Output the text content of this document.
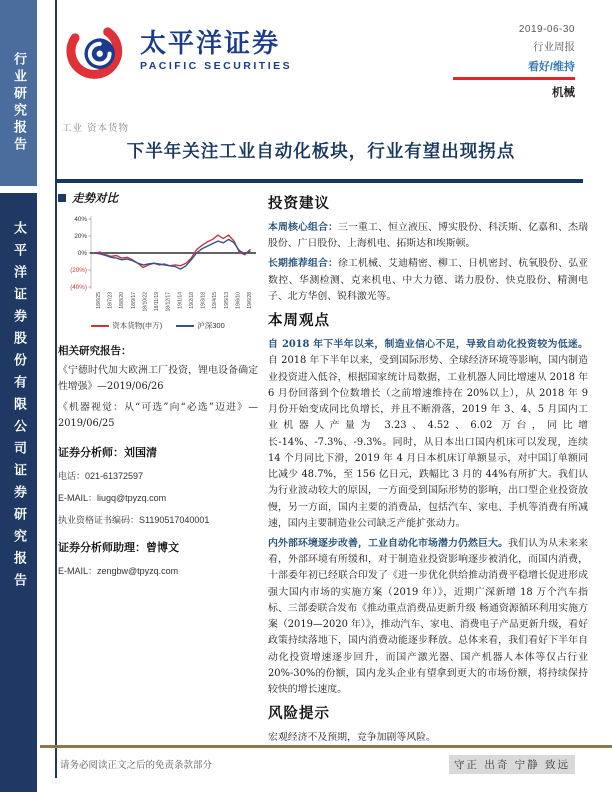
行业研究报告
太平洋证券股份有限公司证券研究报告
太平洋证券
PACIFIC SECURITIES
2019-06-30
行业周报
看好/维持
机械
工业 资本货物
下半年关注工业自动化板块，行业有望出现拐点
走势对比
40%
20%
0%
(20%)
(40%)
18/6/25 18/7/23 18/8/20 18/9/17 18/10/22 18/11/19 18/12/17 19/1/14 19/2/18 19/3/18 19/4/15 19/5/13 19/6/10 19/6/28
资本货物(申万)	沪深300
相关研究报告：

《宁德时代加大欧洲工厂投资，锂电设备确定性增强》—2019/06/26

《机器视觉：从“可选”向“必选”迈进》—2019/06/25

证券分析师：刘国清
电话：021-61372597
E-MAIL：liugq@tpyzq.com
执业资格证书编码：S1190517040001
证券分析师助理：曾博文
E-MAIL：zengbw@tpyzq.com
投资建议

本周核心组合：三一重工、恒立液压、博实股份、科沃斯、亿嘉和、杰瑞股份、广日股份、上海机电、拓斯达和埃斯顿。

长期推荐组合：徐工机械、艾迪精密、柳工、日机密封、杭氧股份、弘亚数控、华测检测、克来机电、中大力德、诺力股份、快克股份、精测电子、北方华创、锐科激光等。

本周观点

自 2018 年下半年以来，制造业信心不足，导致自动化投资较为低迷。自 2018 年下半年以来，受到国际形势、全球经济环境等影响，国内制造业投资进入低谷，根据国家统计局数据，工业机器人同比增速从 2018 年 6 月份回落到个位数增长（之前增速维持在 20%以上），从 2018 年 9 月份开始变成同比负增长，并且不断滑落，2019 年 3、4、5 月国内工业机器人产量为 3.23、4.52、6.02 万台，同比增长-14%、-7.3%、-9.3%。同时，从日本出口国内机床可以发现，连续 14 个月同比下滑，2019 年 4 月日本机床订单额显示，对中国订单额同比减少 48.7%，至 156 亿日元，跌幅比 3 月的 44%有所扩大。我们认为行业波动较大的原因，一方面受到国际形势的影响，出口型企业投资放慢，另一方面，国内主要的消费品，包括汽车、家电、手机等消费有所减速，国内主要制造业公司缺乏产能扩张动力。

内外部环境逐步改善，工业自动化市场潜力仍然巨大。我们认为从未来来看，外部环境有所缓和，对于制造业投资影响逐步被消化，而国内消费，十部委年初已经联合印发了《进一步优化供给推动消费平稳增长促进形成强大国内市场的实施方案（2019 年）》，近期广深新增 18 万个汽车指标、三部委联合发布《推动重点消费品更新升级 畅通资源循环利用实施方案（2019—2020 年）》，推动汽车、家电、消费电子产品更新升级，看好政策持续落地下，国内消费动能逐步释放。总体来看，我们看好下半年自动化投资增速逐步回升，而国产激光器、国产机器人本体等仅占行业 20%-30%的份额，国内龙头企业有望拿到更大的市场份额，将持续保持较快的增长速度。

风险提示

宏观经济不及预期，竞争加剧等风险。

请务必阅读正文之后的免责条款部分	守正 出奇 宁静 致远
